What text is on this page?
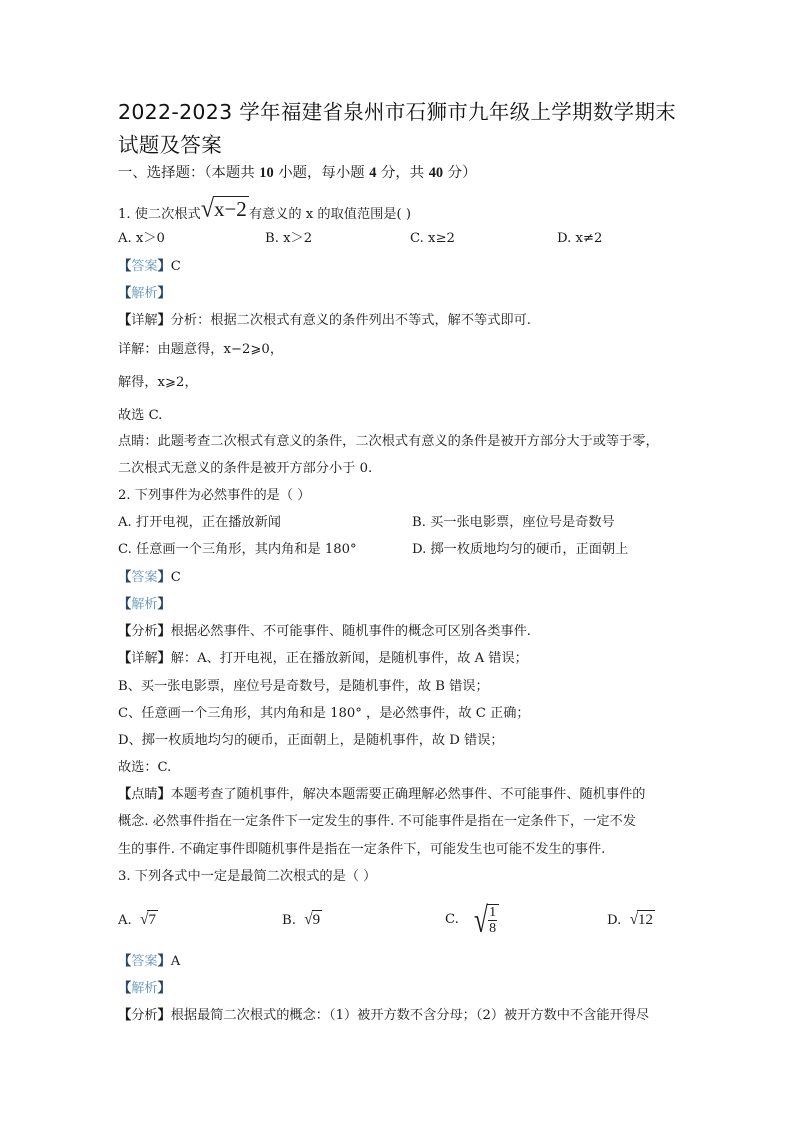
2022-2023 学年福建省泉州市石狮市九年级上学期数学期末试题及答案
一、选择题：（本题共 10 小题，每小题 4 分，共 40 分）
1. 使二次根式√x−2 有意义的 x 的取值范围是( )
A. x＞0	B. x＞2	C. x≥2	D. x≠2
【答案】C
【解析】
【详解】分析：根据二次根式有意义的条件列出不等式，解不等式即可.
详解：由题意得，x−2⩾0，
解得，x⩾2，
故选 C.
点睛：此题考查二次根式有意义的条件，二次根式有意义的条件是被开方部分大于或等于零，
二次根式无意义的条件是被开方部分小于 0.
2. 下列事件为必然事件的是（ ）
A. 打开电视，正在播放新闻	B. 买一张电影票，座位号是奇数号
C. 任意画一个三角形，其内角和是 180°	D. 掷一枚质地均匀的硬币，正面朝上
【答案】C
【解析】
【分析】根据必然事件、不可能事件、随机事件的概念可区别各类事件.
【详解】解：A、打开电视，正在播放新闻，是随机事件，故 A 错误；
B、买一张电影票，座位号是奇数号，是随机事件，故 B 错误；
C、任意画一个三角形，其内角和是 180° ，是必然事件，故 C 正确；
D、掷一枚质地均匀的硬币，正面朝上，是随机事件，故 D 错误；
故选：C.
【点睛】本题考查了随机事件，解决本题需要正确理解必然事件、不可能事件、随机事件的
概念. 必然事件指在一定条件下一定发生的事件. 不可能事件是指在一定条件下，一定不发
生的事件. 不确定事件即随机事件是指在一定条件下，可能发生也可能不发生的事件.
3. 下列各式中一定是最简二次根式的是（ ）
A. √7	B. √9	C.
√ $\frac{1}{8}$	D. √12
【答案】A
【解析】
【分析】根据最简二次根式的概念：（1）被开方数不含分母；（2）被开方数中不含能开得尽
